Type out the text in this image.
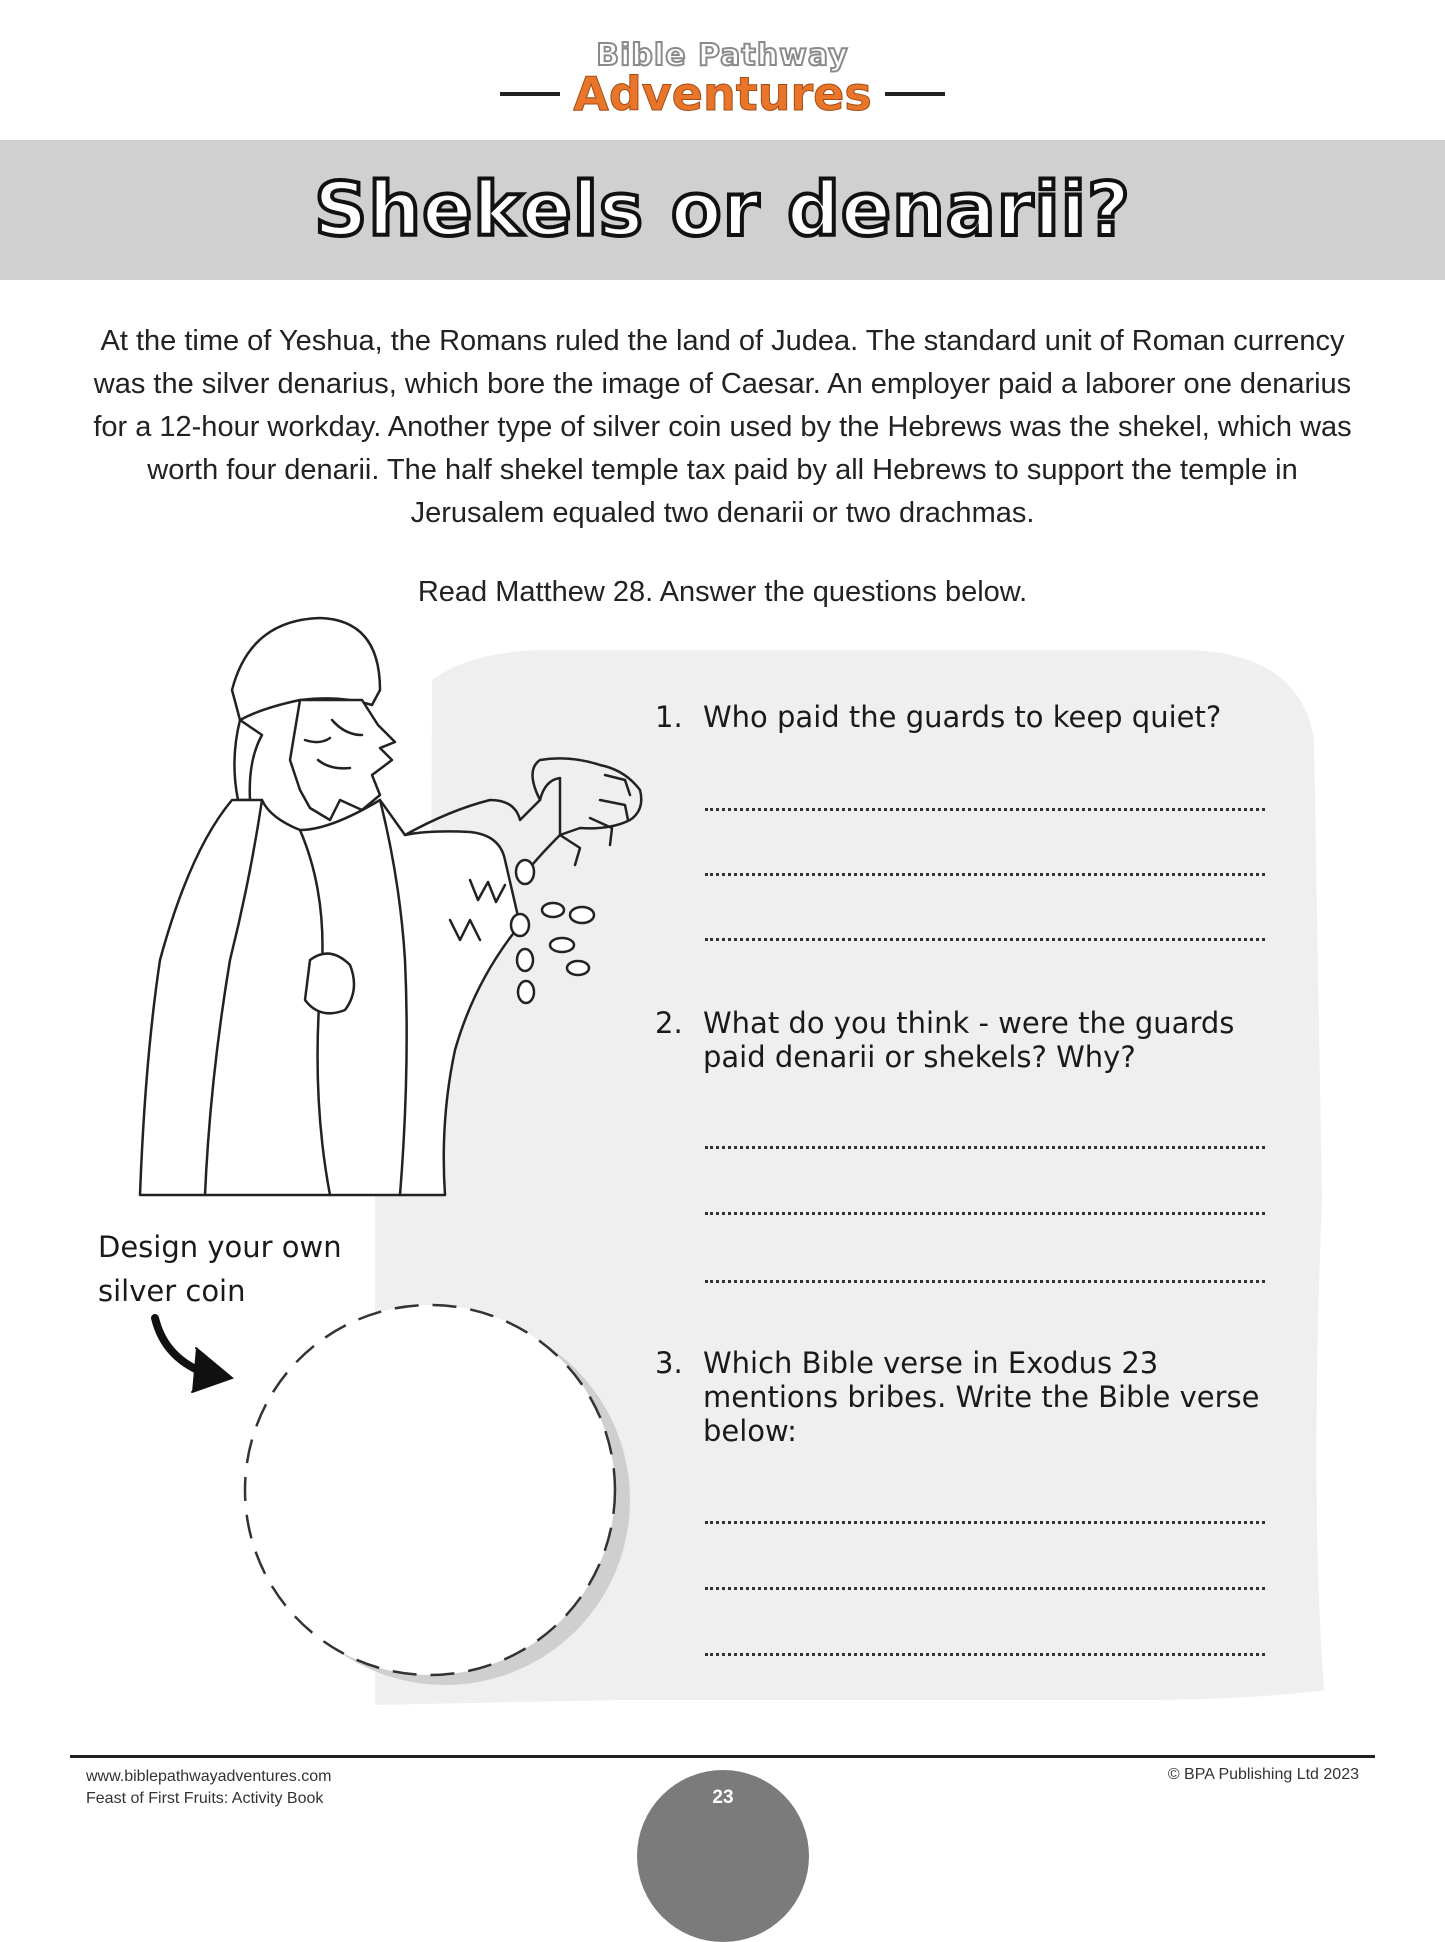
Bible Pathway
Adventures
Shekels or denarii?
At the time of Yeshua, the Romans ruled the land of Judea. The standard unit of Roman currency was the silver denarius, which bore the image of Caesar. An employer paid a laborer one denarius for a 12-hour workday. Another type of silver coin used by the Hebrews was the shekel, which was worth four denarii. The half shekel temple tax paid by all Hebrews to support the temple in Jerusalem equaled two denarii or two drachmas.
Read Matthew 28. Answer the questions below.
1. Who paid the guards to keep quiet?
2. What do you think - were the guards paid denarii or shekels? Why?
3. Which Bible verse in Exodus 23 mentions bribes. Write the Bible verse below:
Design your own
silver coin
www.biblepathwayadventures.com
Feast of First Fruits: Activity Book
© BPA Publishing Ltd 2023
23
